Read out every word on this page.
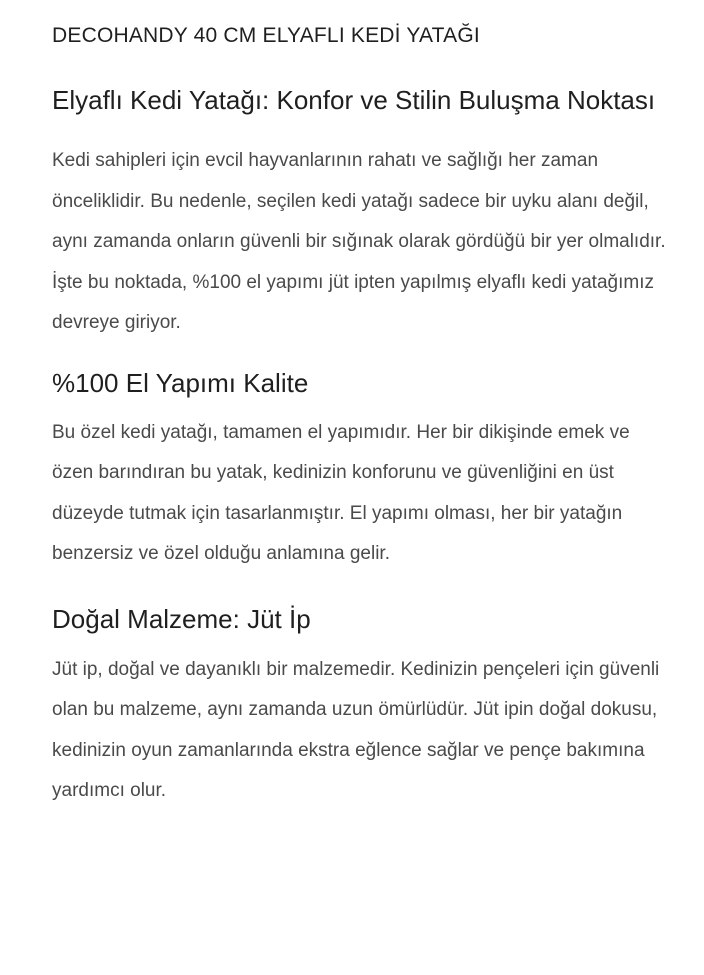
DECOHANDY 40 CM ELYAFLI KEDİ YATAĞI
Elyaflı Kedi Yatağı: Konfor ve Stilin Buluşma Noktası

Kedi sahipleri için evcil hayvanlarının rahatı ve sağlığı her zaman önceliklidir. Bu nedenle, seçilen kedi yatağı sadece bir uyku alanı değil, aynı zamanda onların güvenli bir sığınak olarak gördüğü bir yer olmalıdır. İşte bu noktada, %100 el yapımı jüt ipten yapılmış elyaflı kedi yatağımız devreye giriyor.

%100 El Yapımı Kalite

Bu özel kedi yatağı, tamamen el yapımıdır. Her bir dikişinde emek ve özen barındıran bu yatak, kedinizin konforunu ve güvenliğini en üst düzeyde tutmak için tasarlanmıştır. El yapımı olması, her bir yatağın benzersiz ve özel olduğu anlamına gelir.

Doğal Malzeme: Jüt İp

Jüt ip, doğal ve dayanıklı bir malzemedir. Kedinizin pençeleri için güvenli olan bu malzeme, aynı zamanda uzun ömürlüdür. Jüt ipin doğal dokusu, kedinizin oyun zamanlarında ekstra eğlence sağlar ve pençe bakımına yardımcı olur.
